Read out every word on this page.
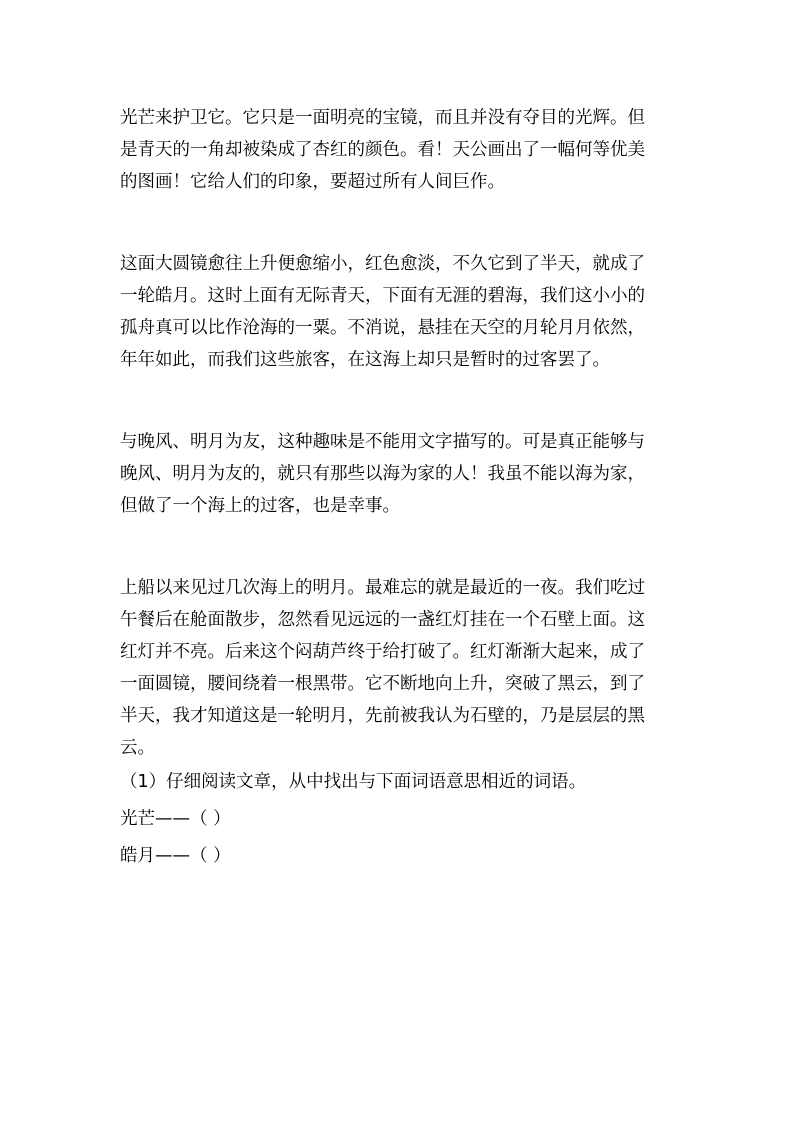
光芒来护卫它。它只是一面明亮的宝镜，而且并没有夺目的光辉。但
是青天的一角却被染成了杏红的颜色。看！天公画出了一幅何等优美
的图画！它给人们的印象，要超过所有人间巨作。
这面大圆镜愈往上升便愈缩小，红色愈淡，不久它到了半天，就成了
一轮皓月。这时上面有无际青天，下面有无涯的碧海，我们这小小的
孤舟真可以比作沧海的一粟。不消说，悬挂在天空的月轮月月依然，
年年如此，而我们这些旅客，在这海上却只是暂时的过客罢了。
与晚风、明月为友，这种趣味是不能用文字描写的。可是真正能够与
晚风、明月为友的，就只有那些以海为家的人！我虽不能以海为家，
但做了一个海上的过客，也是幸事。
上船以来见过几次海上的明月。最难忘的就是最近的一夜。我们吃过
午餐后在舱面散步，忽然看见远远的一盏红灯挂在一个石壁上面。这
红灯并不亮。后来这个闷葫芦终于给打破了。红灯渐渐大起来，成了
一面圆镜，腰间绕着一根黑带。它不断地向上升，突破了黑云，到了
半天，我才知道这是一轮明月，先前被我认为石壁的，乃是层层的黑
云。
（1）仔细阅读文章，从中找出与下面词语意思相近的词语。
光芒——（ ）
皓月——（ ）
